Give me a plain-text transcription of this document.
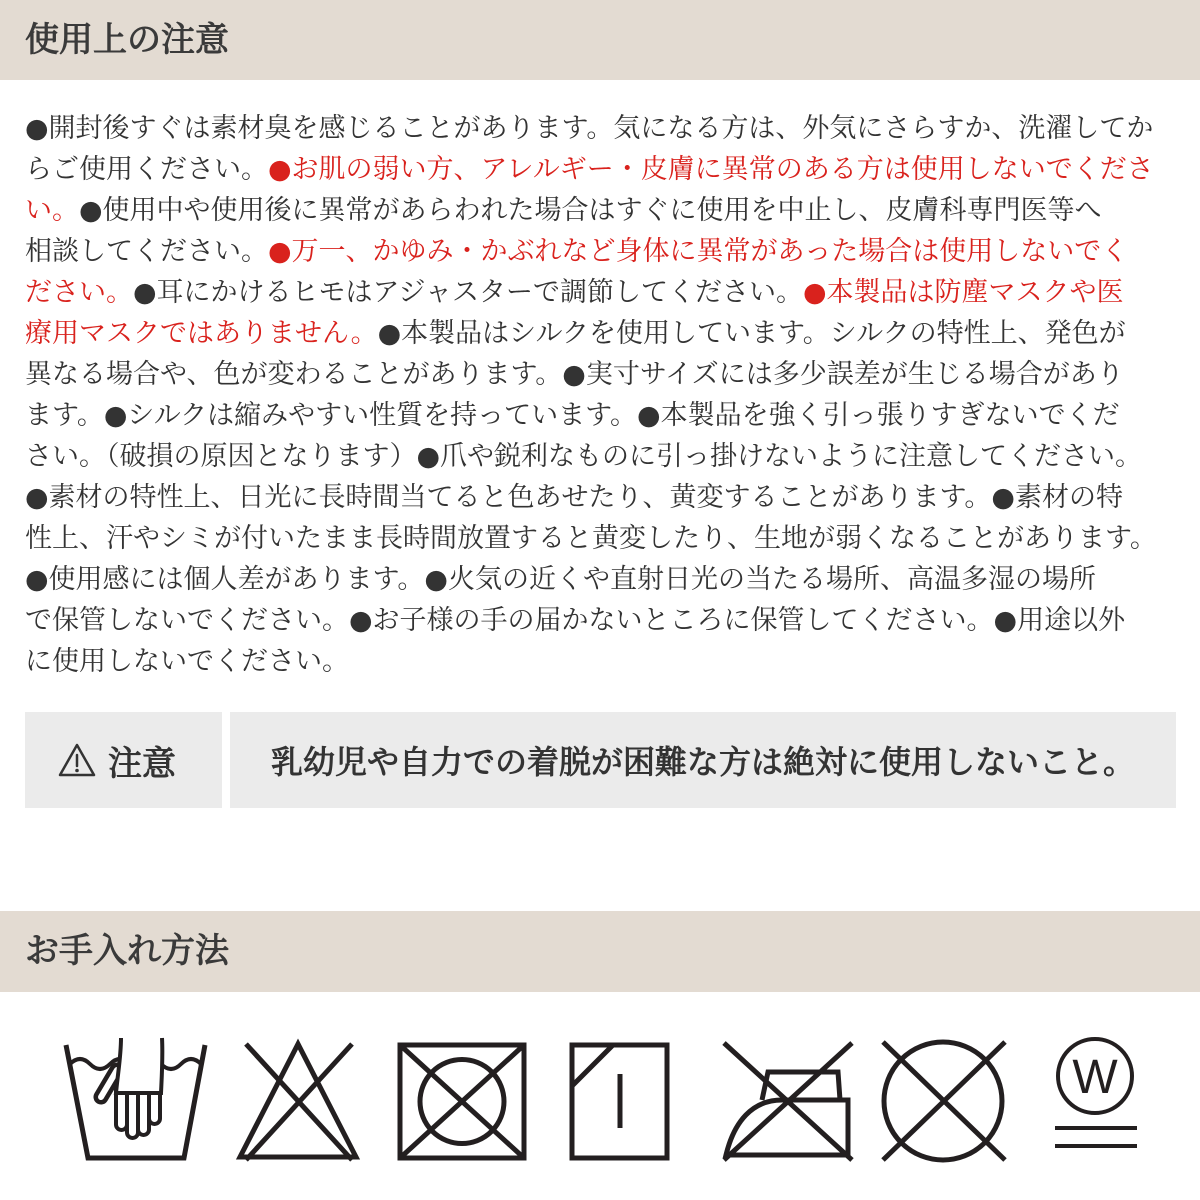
使用上の注意
●開封後すぐは素材臭を感じることがあります。気になる方は、外気にさらすか、洗濯してか
らご使用ください。●お肌の弱い方、アレルギー・皮膚に異常のある方は使用しないでくださ
い。●使用中や使用後に異常があらわれた場合はすぐに使用を中止し、皮膚科専門医等へ
相談してください。●万一、かゆみ・かぶれなど身体に異常があった場合は使用しないでく
ださい。●耳にかけるヒモはアジャスターで調節してください。●本製品は防塵マスクや医
療用マスクではありません。●本製品はシルクを使用しています。シルクの特性上、発色が
異なる場合や、色が変わることがあります。●実寸サイズには多少誤差が生じる場合があり
ます。●シルクは縮みやすい性質を持っています。●本製品を強く引っ張りすぎないでくだ
さい。（破損の原因となります）●爪や鋭利なものに引っ掛けないように注意してください。
●素材の特性上、日光に長時間当てると色あせたり、黄変することがあります。●素材の特
性上、汗やシミが付いたまま長時間放置すると黄変したり、生地が弱くなることがあります。
●使用感には個人差があります。●火気の近くや直射日光の当たる場所、高温多湿の場所
で保管しないでください。●お子様の手の届かないところに保管してください。●用途以外
に使用しないでください。
注意	乳幼児や自力での着脱が困難な方は絶対に使用しないこと。
お手入れ方法
W
